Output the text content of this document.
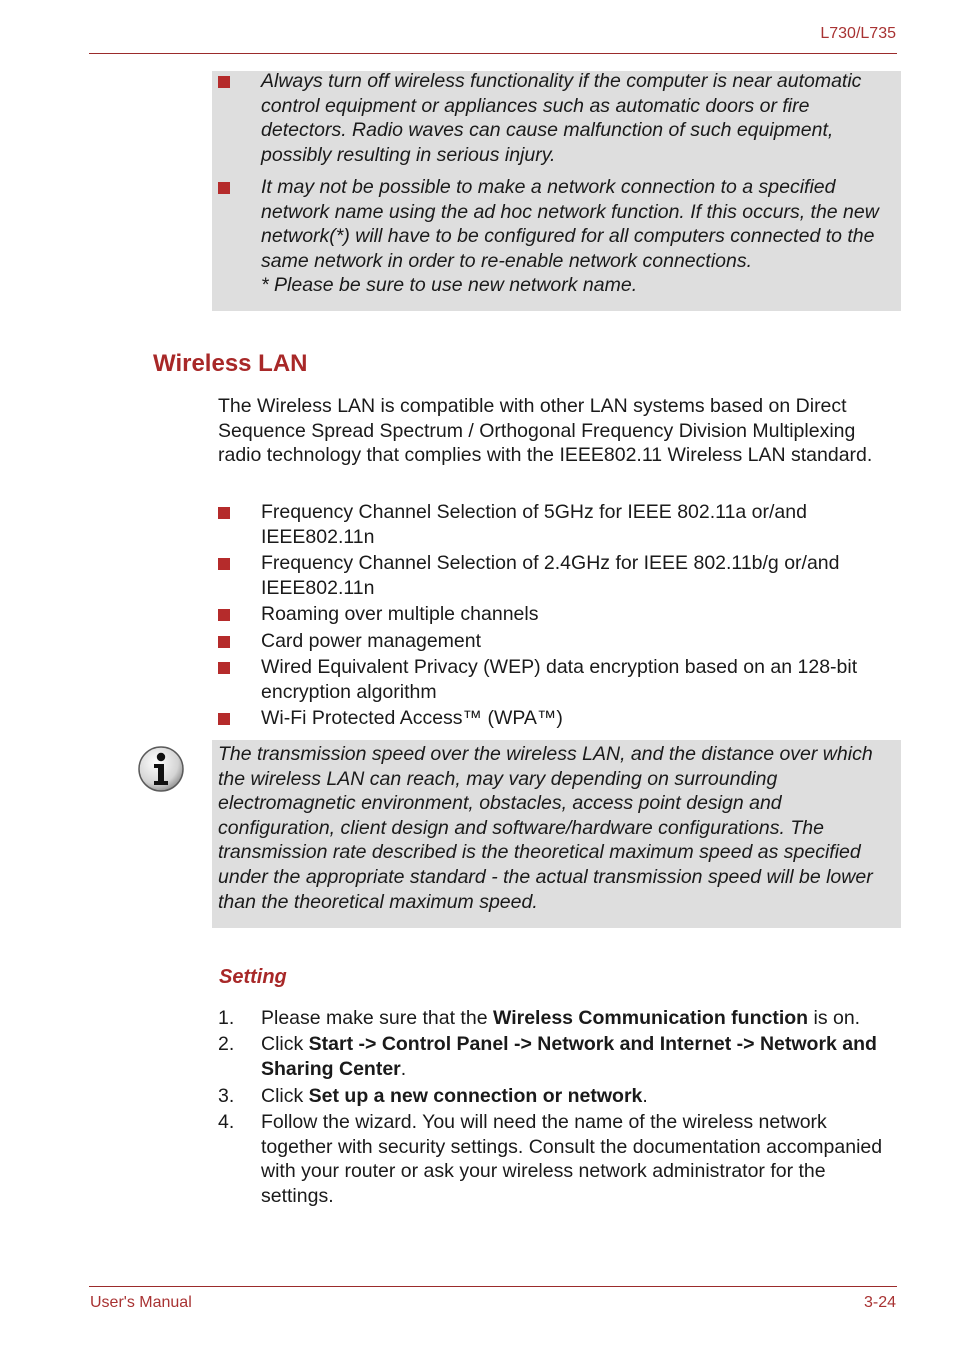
L730/L735
Always turn off wireless functionality if the computer is near automatic control equipment or appliances such as automatic doors or fire detectors. Radio waves can cause malfunction of such equipment, possibly resulting in serious injury.
It may not be possible to make a network connection to a specified network name using the ad hoc network function. If this occurs, the new network(*) will have to be configured for all computers connected to the same network in order to re-enable network connections.
* Please be sure to use new network name.
Wireless LAN
The Wireless LAN is compatible with other LAN systems based on Direct Sequence Spread Spectrum / Orthogonal Frequency Division Multiplexing radio technology that complies with the IEEE802.11 Wireless LAN standard.
Frequency Channel Selection of 5GHz for IEEE 802.11a or/and IEEE802.11n
Frequency Channel Selection of 2.4GHz for IEEE 802.11b/g or/and IEEE802.11n
Roaming over multiple channels
Card power management
Wired Equivalent Privacy (WEP) data encryption based on an 128-bit encryption algorithm
Wi-Fi Protected Access™ (WPA™)
The transmission speed over the wireless LAN, and the distance over which the wireless LAN can reach, may vary depending on surrounding electromagnetic environment, obstacles, access point design and configuration, client design and software/hardware configurations. The transmission rate described is the theoretical maximum speed as specified under the appropriate standard - the actual transmission speed will be lower than the theoretical maximum speed.
Setting
1. Please make sure that the Wireless Communication function is on.
2. Click Start -> Control Panel -> Network and Internet -> Network and Sharing Center.
3. Click Set up a new connection or network.
4. Follow the wizard. You will need the name of the wireless network together with security settings. Consult the documentation accompanied with your router or ask your wireless network administrator for the settings.
User's Manual	3-24
